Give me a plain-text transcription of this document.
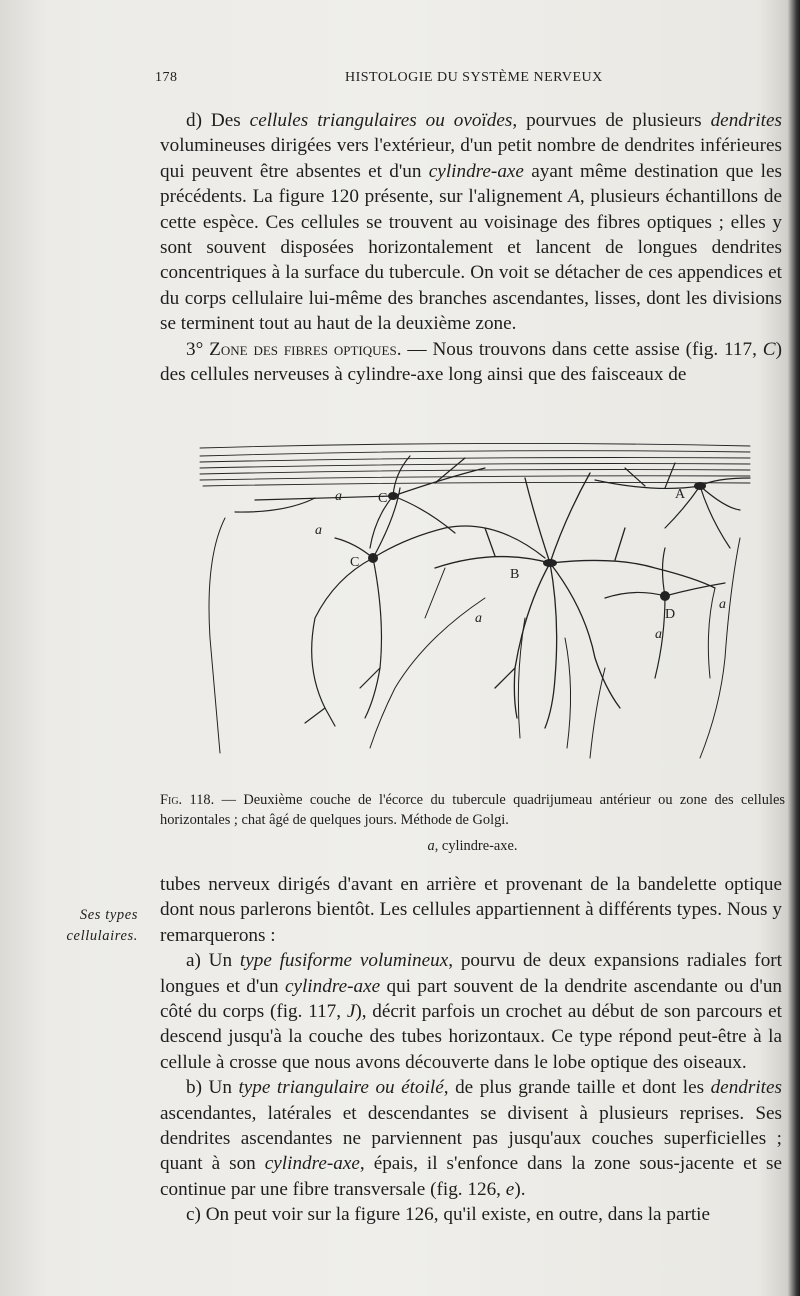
178	HISTOLOGIE DU SYSTÈME NERVEUX

d) Des cellules triangulaires ou ovoïdes, pourvues de plusieurs dendrites volumineuses dirigées vers l'extérieur, d'un petit nombre de dendrites inférieures qui peuvent être absentes et d'un cylindre-axe ayant même destination que les précédents. La figure 120 présente, sur l'alignement A, plusieurs échantillons de cette espèce. Ces cellules se trouvent au voisinage des fibres optiques ; elles y sont souvent disposées horizontalement et lancent de longues dendrites concentriques à la surface du tubercule. On voit se détacher de ces appendices et du corps cellulaire lui-même des branches ascendantes, lisses, dont les divisions se terminent tout au haut de la deuxième zone.

3° Zone des fibres optiques. — Nous trouvons dans cette assise (fig. 117, C) des cellules nerveuses à cylindre-axe long ainsi que des faisceaux de

C	A
C
B
D
a
a
a
a
a
Fig. 118. — Deuxième couche de l'écorce du tubercule quadrijumeau antérieur ou zone des cellules horizontales ; chat âgé de quelques jours. Méthode de Golgi.
a, cylindre-axe.
Ses types
cellulaires.

tubes nerveux dirigés d'avant en arrière et provenant de la bandelette optique dont nous parlerons bientôt. Les cellules appartiennent à différents types. Nous y remarquerons :

a) Un type fusiforme volumineux, pourvu de deux expansions radiales fort longues et d'un cylindre-axe qui part souvent de la dendrite ascendante ou d'un côté du corps (fig. 117, J), décrit parfois un crochet au début de son parcours et descend jusqu'à la couche des tubes horizontaux. Ce type répond peut-être à la cellule à crosse que nous avons découverte dans le lobe optique des oiseaux.

b) Un type triangulaire ou étoilé, de plus grande taille et dont les dendrites ascendantes, latérales et descendantes se divisent à plusieurs reprises. Ses dendrites ascendantes ne parviennent pas jusqu'aux couches superficielles ; quant à son cylindre-axe, épais, il s'enfonce dans la zone sous-jacente et se continue par une fibre transversale (fig. 126, e).

c) On peut voir sur la figure 126, qu'il existe, en outre, dans la partie
